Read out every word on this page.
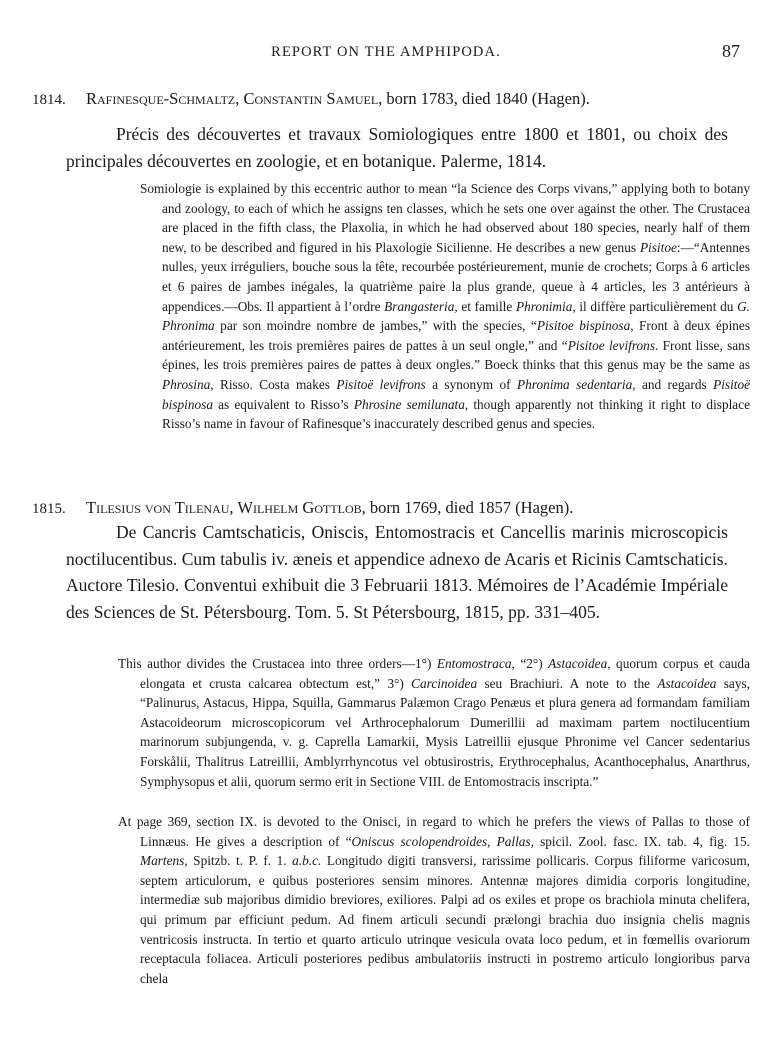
REPORT ON THE AMPHIPODA.	87
1814. Rafinesque-Schmaltz, Constantin Samuel, born 1783, died 1840 (Hagen).
Précis des découvertes et travaux Somiologiques entre 1800 et 1801, ou choix des principales découvertes en zoologie, et en botanique. Palerme, 1814.
Somiologie is explained by this eccentric author to mean “la Science des Corps vivans,” applying both to botany and zoology, to each of which he assigns ten classes, which he sets one over against the other. The Crustacea are placed in the fifth class, the Plaxolia, in which he had observed about 180 species, nearly half of them new, to be described and figured in his Plaxologie Sicilienne. He describes a new genus Pisitoe:—“Antennes nulles, yeux irréguliers, bouche sous la tête, recourbée postérieurement, munie de crochets; Corps à 6 articles et 6 paires de jambes inégales, la quatrième paire la plus grande, queue à 4 articles, les 3 antérieurs à appendices.—Obs. Il appartient à l’ordre Brangasteria, et famille Phronimia, il diffère particulièrement du G. Phronima par son moindre nombre de jambes,” with the species, “Pisitoe bispinosa, Front à deux épines antérieurement, les trois premières paires de pattes à un seul ongle,” and “Pisitoe levifrons. Front lisse, sans épines, les trois premières paires de pattes à deux ongles.” Boeck thinks that this genus may be the same as Phrosina, Risso. Costa makes Pisitoë levifrons a synonym of Phronima sedentaria, and regards Pisitoë bispinosa as equivalent to Risso’s Phrosine semilunata, though apparently not thinking it right to displace Risso’s name in favour of Rafinesque’s inaccurately described genus and species.
1815. Tilesius von Tilenau, Wilhelm Gottlob, born 1769, died 1857 (Hagen).
De Cancris Camtschaticis, Oniscis, Entomostracis et Cancellis marinis microscopicis noctilucentibus. Cum tabulis iv. æneis et appendice adnexo de Acaris et Ricinis Camtschaticis. Auctore Tilesio. Conventui exhibuit die 3 Februarii 1813. Mémoires de l’Académie Impériale des Sciences de St. Pétersbourg. Tom. 5. St Pétersbourg, 1815, pp. 331–405.
This author divides the Crustacea into three orders—1°) Entomostraca, “2°) Astacoidea, quorum corpus et cauda elongata et crusta calcarea obtectum est,” 3°) Carcinoidea seu Brachiuri. A note to the Astacoidea says, “Palinurus, Astacus, Hippa, Squilla, Gammarus Palæmon Crago Penæus et plura genera ad formandam familiam Astacoideorum microscopicorum vel Arthrocephalorum Dumerillii ad maximam partem noctilucentium marinorum subjungenda, v. g. Caprella Lamarkii, Mysis Latreillii ejusque Phronime vel Cancer sedentarius Forskålii, Thalitrus Latreillii, Amblyrrhyncotus vel obtusirostris, Erythrocephalus, Acanthocephalus, Anarthrus, Symphysopus et alii, quorum sermo erit in Sectione VIII. de Entomostracis inscripta.”
At page 369, section IX. is devoted to the Onisci, in regard to which he prefers the views of Pallas to those of Linnæus. He gives a description of “Oniscus scolopendroides, Pallas, spicil. Zool. fasc. IX. tab. 4, fig. 15. Martens, Spitzb. t. P. f. 1. a.b.c. Longitudo digiti transversi, rarissime pollicaris. Corpus filiforme varicosum, septem articulorum, e quibus posteriores sensim minores. Antennæ majores dimidia corporis longitudine, intermediæ sub majoribus dimidio breviores, exiliores. Palpi ad os exiles et prope os brachiola minuta chelifera, qui primum par efficiunt pedum. Ad finem articuli secundi prælongi brachia duo insignia chelis magnis ventricosis instructa. In tertio et quarto articulo utrinque vesicula ovata loco pedum, et in fœmellis ovariorum receptacula foliacea. Articuli posteriores pedibus ambulatoriis instructi in postremo articulo longioribus parva chela
